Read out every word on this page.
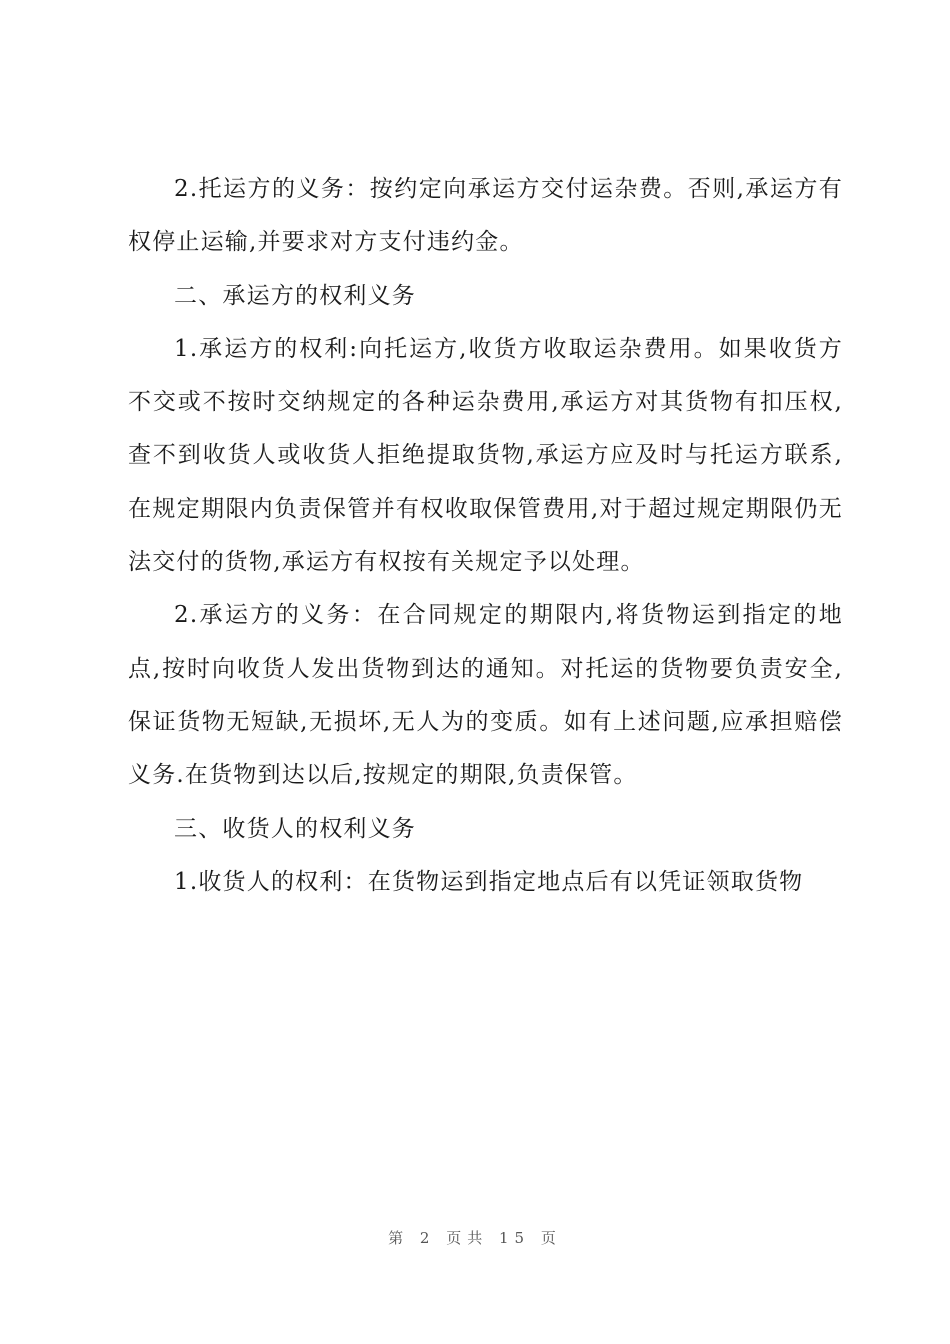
2.托运方的义务：按约定向承运方交付运杂费。否则,承运方有权停止运输,并要求对方支付违约金。

二、承运方的权利义务

1.承运方的权利:向托运方,收货方收取运杂费用。如果收货方不交或不按时交纳规定的各种运杂费用,承运方对其货物有扣压权,查不到收货人或收货人拒绝提取货物,承运方应及时与托运方联系,在规定期限内负责保管并有权收取保管费用,对于超过规定期限仍无法交付的货物,承运方有权按有关规定予以处理。

2.承运方的义务：在合同规定的期限内,将货物运到指定的地点,按时向收货人发出货物到达的通知。对托运的货物要负责安全,保证货物无短缺,无损坏,无人为的变质。如有上述问题,应承担赔偿义务.在货物到达以后,按规定的期限,负责保管。

三、收货人的权利义务

1.收货人的权利：在货物运到指定地点后有以凭证领取货物

第 2 页共 15 页
